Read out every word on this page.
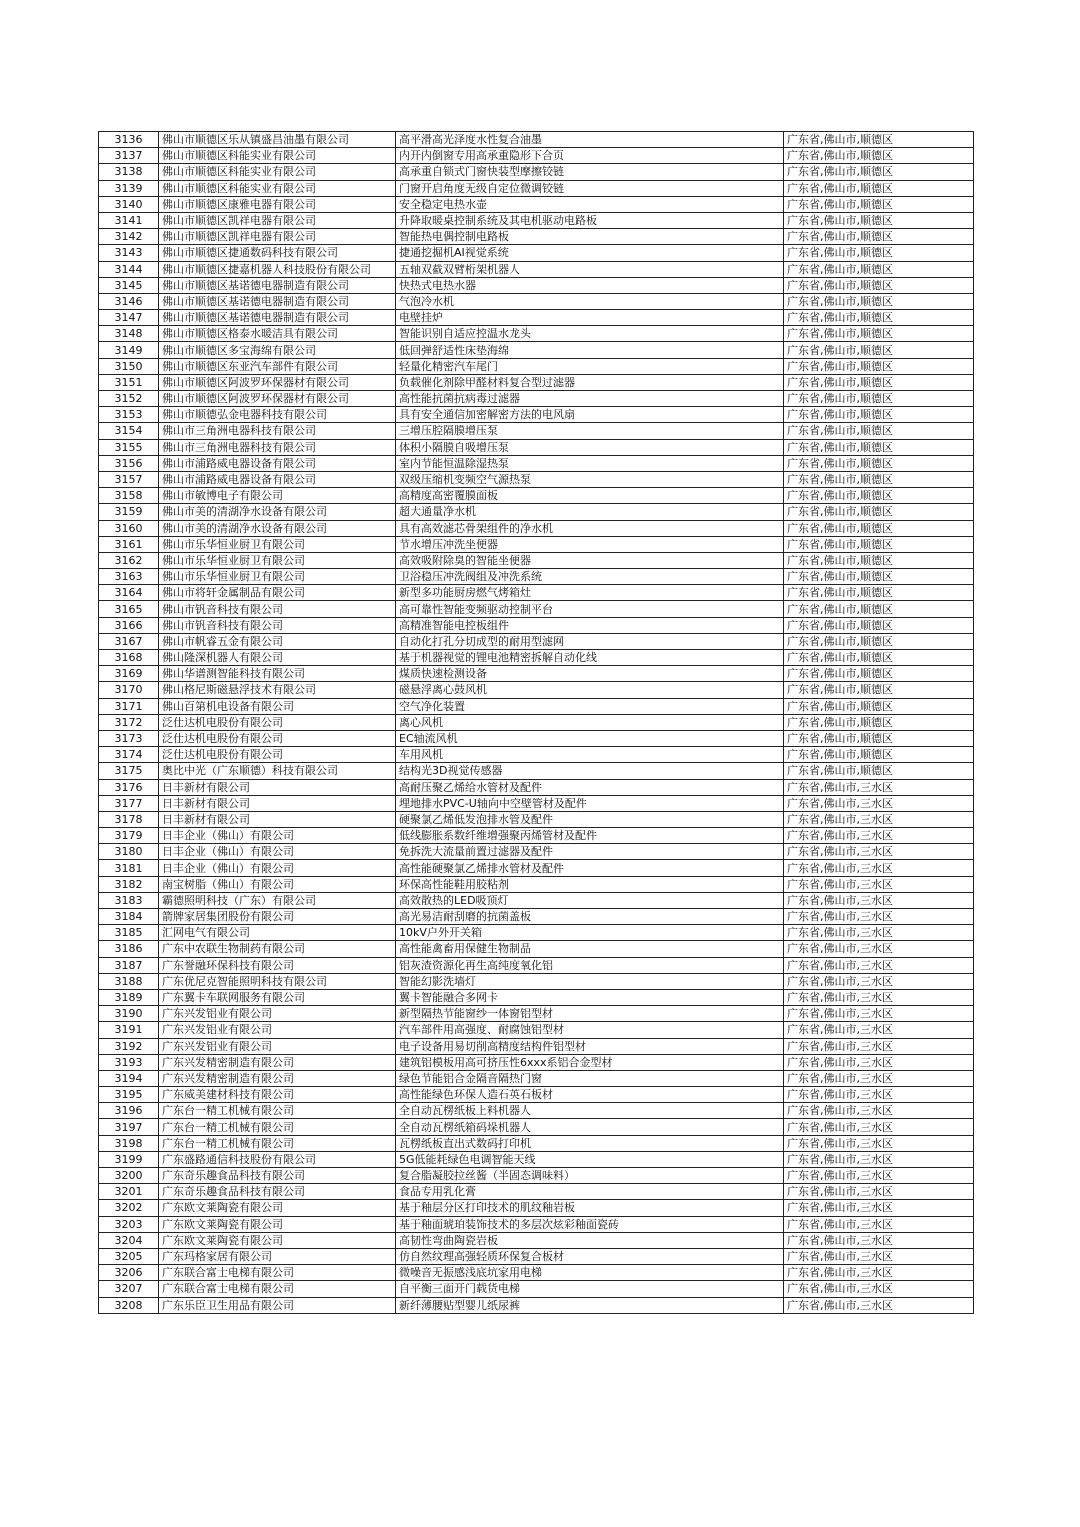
3136	佛山市顺德区乐从镇盛昌油墨有限公司	高平滑高光泽度水性复合油墨	广东省,佛山市,顺德区
3137	佛山市顺德区科能实业有限公司	内开内倒窗专用高承重隐形下合页	广东省,佛山市,顺德区
3138	佛山市顺德区科能实业有限公司	高承重自锁式门窗快装型摩擦铰链	广东省,佛山市,顺德区
3139	佛山市顺德区科能实业有限公司	门窗开启角度无级自定位微调铰链	广东省,佛山市,顺德区
3140	佛山市顺德区康雅电器有限公司	安全稳定电热水壶	广东省,佛山市,顺德区
3141	佛山市顺德区凯祥电器有限公司	升降取暖桌控制系统及其电机驱动电路板	广东省,佛山市,顺德区
3142	佛山市顺德区凯祥电器有限公司	智能热电偶控制电路板	广东省,佛山市,顺德区
3143	佛山市顺德区捷通数码科技有限公司	捷通挖掘机AI视觉系统	广东省,佛山市,顺德区
3144	佛山市顺德区捷嘉机器人科技股份有限公司	五轴双截双臂桁架机器人	广东省,佛山市,顺德区
3145	佛山市顺德区基诺德电器制造有限公司	快热式电热水器	广东省,佛山市,顺德区
3146	佛山市顺德区基诺德电器制造有限公司	气泡冷水机	广东省,佛山市,顺德区
3147	佛山市顺德区基诺德电器制造有限公司	电壁挂炉	广东省,佛山市,顺德区
3148	佛山市顺德区格泰水暖洁具有限公司	智能识别自适应控温水龙头	广东省,佛山市,顺德区
3149	佛山市顺德区多宝海绵有限公司	低回弹舒适性床垫海绵	广东省,佛山市,顺德区
3150	佛山市顺德区东亚汽车部件有限公司	轻量化精密汽车尾门	广东省,佛山市,顺德区
3151	佛山市顺德区阿波罗环保器材有限公司	负载催化剂除甲醛材料复合型过滤器	广东省,佛山市,顺德区
3152	佛山市顺德区阿波罗环保器材有限公司	高性能抗菌抗病毒过滤器	广东省,佛山市,顺德区
3153	佛山市顺德弘金电器科技有限公司	具有安全通信加密解密方法的电风扇	广东省,佛山市,顺德区
3154	佛山市三角洲电器科技有限公司	三增压腔隔膜增压泵	广东省,佛山市,顺德区
3155	佛山市三角洲电器科技有限公司	体积小隔膜自吸增压泵	广东省,佛山市,顺德区
3156	佛山市浦路威电器设备有限公司	室内节能恒温除湿热泵	广东省,佛山市,顺德区
3157	佛山市浦路威电器设备有限公司	双级压缩机变频空气源热泵	广东省,佛山市,顺德区
3158	佛山市敏博电子有限公司	高精度高密覆膜面板	广东省,佛山市,顺德区
3159	佛山市美的清湖净水设备有限公司	超大通量净水机	广东省,佛山市,顺德区
3160	佛山市美的清湖净水设备有限公司	具有高效滤芯骨架组件的净水机	广东省,佛山市,顺德区
3161	佛山市乐华恒业厨卫有限公司	节水增压冲洗坐便器	广东省,佛山市,顺德区
3162	佛山市乐华恒业厨卫有限公司	高效吸附除臭的智能坐便器	广东省,佛山市,顺德区
3163	佛山市乐华恒业厨卫有限公司	卫浴稳压冲洗阀组及冲洗系统	广东省,佛山市,顺德区
3164	佛山市将轩金属制品有限公司	新型多功能厨房燃气烤箱灶	广东省,佛山市,顺德区
3165	佛山市钒音科技有限公司	高可靠性智能变频驱动控制平台	广东省,佛山市,顺德区
3166	佛山市钒音科技有限公司	高精准智能电控板组件	广东省,佛山市,顺德区
3167	佛山市帆睿五金有限公司	自动化打孔分切成型的耐用型滤网	广东省,佛山市,顺德区
3168	佛山隆深机器人有限公司	基于机器视觉的锂电池精密拆解自动化线	广东省,佛山市,顺德区
3169	佛山华谱测智能科技有限公司	煤质快速检测设备	广东省,佛山市,顺德区
3170	佛山格尼斯磁悬浮技术有限公司	磁悬浮离心鼓风机	广东省,佛山市,顺德区
3171	佛山百第机电设备有限公司	空气净化装置	广东省,佛山市,顺德区
3172	泛仕达机电股份有限公司	离心风机	广东省,佛山市,顺德区
3173	泛仕达机电股份有限公司	EC轴流风机	广东省,佛山市,顺德区
3174	泛仕达机电股份有限公司	车用风机	广东省,佛山市,顺德区
3175	奥比中光（广东顺德）科技有限公司	结构光3D视觉传感器	广东省,佛山市,顺德区
3176	日丰新材有限公司	高耐压聚乙烯给水管材及配件	广东省,佛山市,三水区
3177	日丰新材有限公司	埋地排水PVC-U轴向中空壁管材及配件	广东省,佛山市,三水区
3178	日丰新材有限公司	硬聚氯乙烯低发泡排水管及配件	广东省,佛山市,三水区
3179	日丰企业（佛山）有限公司	低线膨胀系数纤维增强聚丙烯管材及配件	广东省,佛山市,三水区
3180	日丰企业（佛山）有限公司	免拆洗大流量前置过滤器及配件	广东省,佛山市,三水区
3181	日丰企业（佛山）有限公司	高性能硬聚氯乙烯排水管材及配件	广东省,佛山市,三水区
3182	南宝树脂（佛山）有限公司	环保高性能鞋用胶粘剂	广东省,佛山市,三水区
3183	霸德照明科技（广东）有限公司	高效散热的LED吸顶灯	广东省,佛山市,三水区
3184	箭牌家居集团股份有限公司	高光易洁耐刮磨的抗菌盖板	广东省,佛山市,三水区
3185	汇网电气有限公司	10kV户外开关箱	广东省,佛山市,三水区
3186	广东中农联生物制药有限公司	高性能禽畜用保健生物制品	广东省,佛山市,三水区
3187	广东誉融环保科技有限公司	铝灰渣资源化再生高纯度氧化铝	广东省,佛山市,三水区
3188	广东优尼克智能照明科技有限公司	智能幻影洗墙灯	广东省,佛山市,三水区
3189	广东翼卡车联网服务有限公司	翼卡智能融合多网卡	广东省,佛山市,三水区
3190	广东兴发铝业有限公司	新型隔热节能窗纱一体窗铝型材	广东省,佛山市,三水区
3191	广东兴发铝业有限公司	汽车部件用高强度、耐腐蚀铝型材	广东省,佛山市,三水区
3192	广东兴发铝业有限公司	电子设备用易切削高精度结构件铝型材	广东省,佛山市,三水区
3193	广东兴发精密制造有限公司	建筑铝模板用高可挤压性6xxx系铝合金型材	广东省,佛山市,三水区
3194	广东兴发精密制造有限公司	绿色节能铝合金隔音隔热门窗	广东省,佛山市,三水区
3195	广东威美建材科技有限公司	高性能绿色环保人造石英石板材	广东省,佛山市,三水区
3196	广东台一精工机械有限公司	全自动瓦楞纸板上料机器人	广东省,佛山市,三水区
3197	广东台一精工机械有限公司	全自动瓦楞纸箱码垛机器人	广东省,佛山市,三水区
3198	广东台一精工机械有限公司	瓦楞纸板直出式数码打印机	广东省,佛山市,三水区
3199	广东盛路通信科技股份有限公司	5G低能耗绿色电调智能天线	广东省,佛山市,三水区
3200	广东奇乐趣食品科技有限公司	复合脂凝胶拉丝酱（半固态调味料）	广东省,佛山市,三水区
3201	广东奇乐趣食品科技有限公司	食品专用乳化膏	广东省,佛山市,三水区
3202	广东欧文莱陶瓷有限公司	基于釉层分区打印技术的肌纹釉岩板	广东省,佛山市,三水区
3203	广东欧文莱陶瓷有限公司	基于釉面琥珀装饰技术的多层次炫彩釉面瓷砖	广东省,佛山市,三水区
3204	广东欧文莱陶瓷有限公司	高韧性弯曲陶瓷岩板	广东省,佛山市,三水区
3205	广东玛格家居有限公司	仿自然纹理高强轻质环保复合板材	广东省,佛山市,三水区
3206	广东联合富士电梯有限公司	微噪音无振感浅底坑家用电梯	广东省,佛山市,三水区
3207	广东联合富士电梯有限公司	自平衡三面开门载货电梯	广东省,佛山市,三水区
3208	广东乐臣卫生用品有限公司	新纤薄腰贴型婴儿纸尿裤	广东省,佛山市,三水区
